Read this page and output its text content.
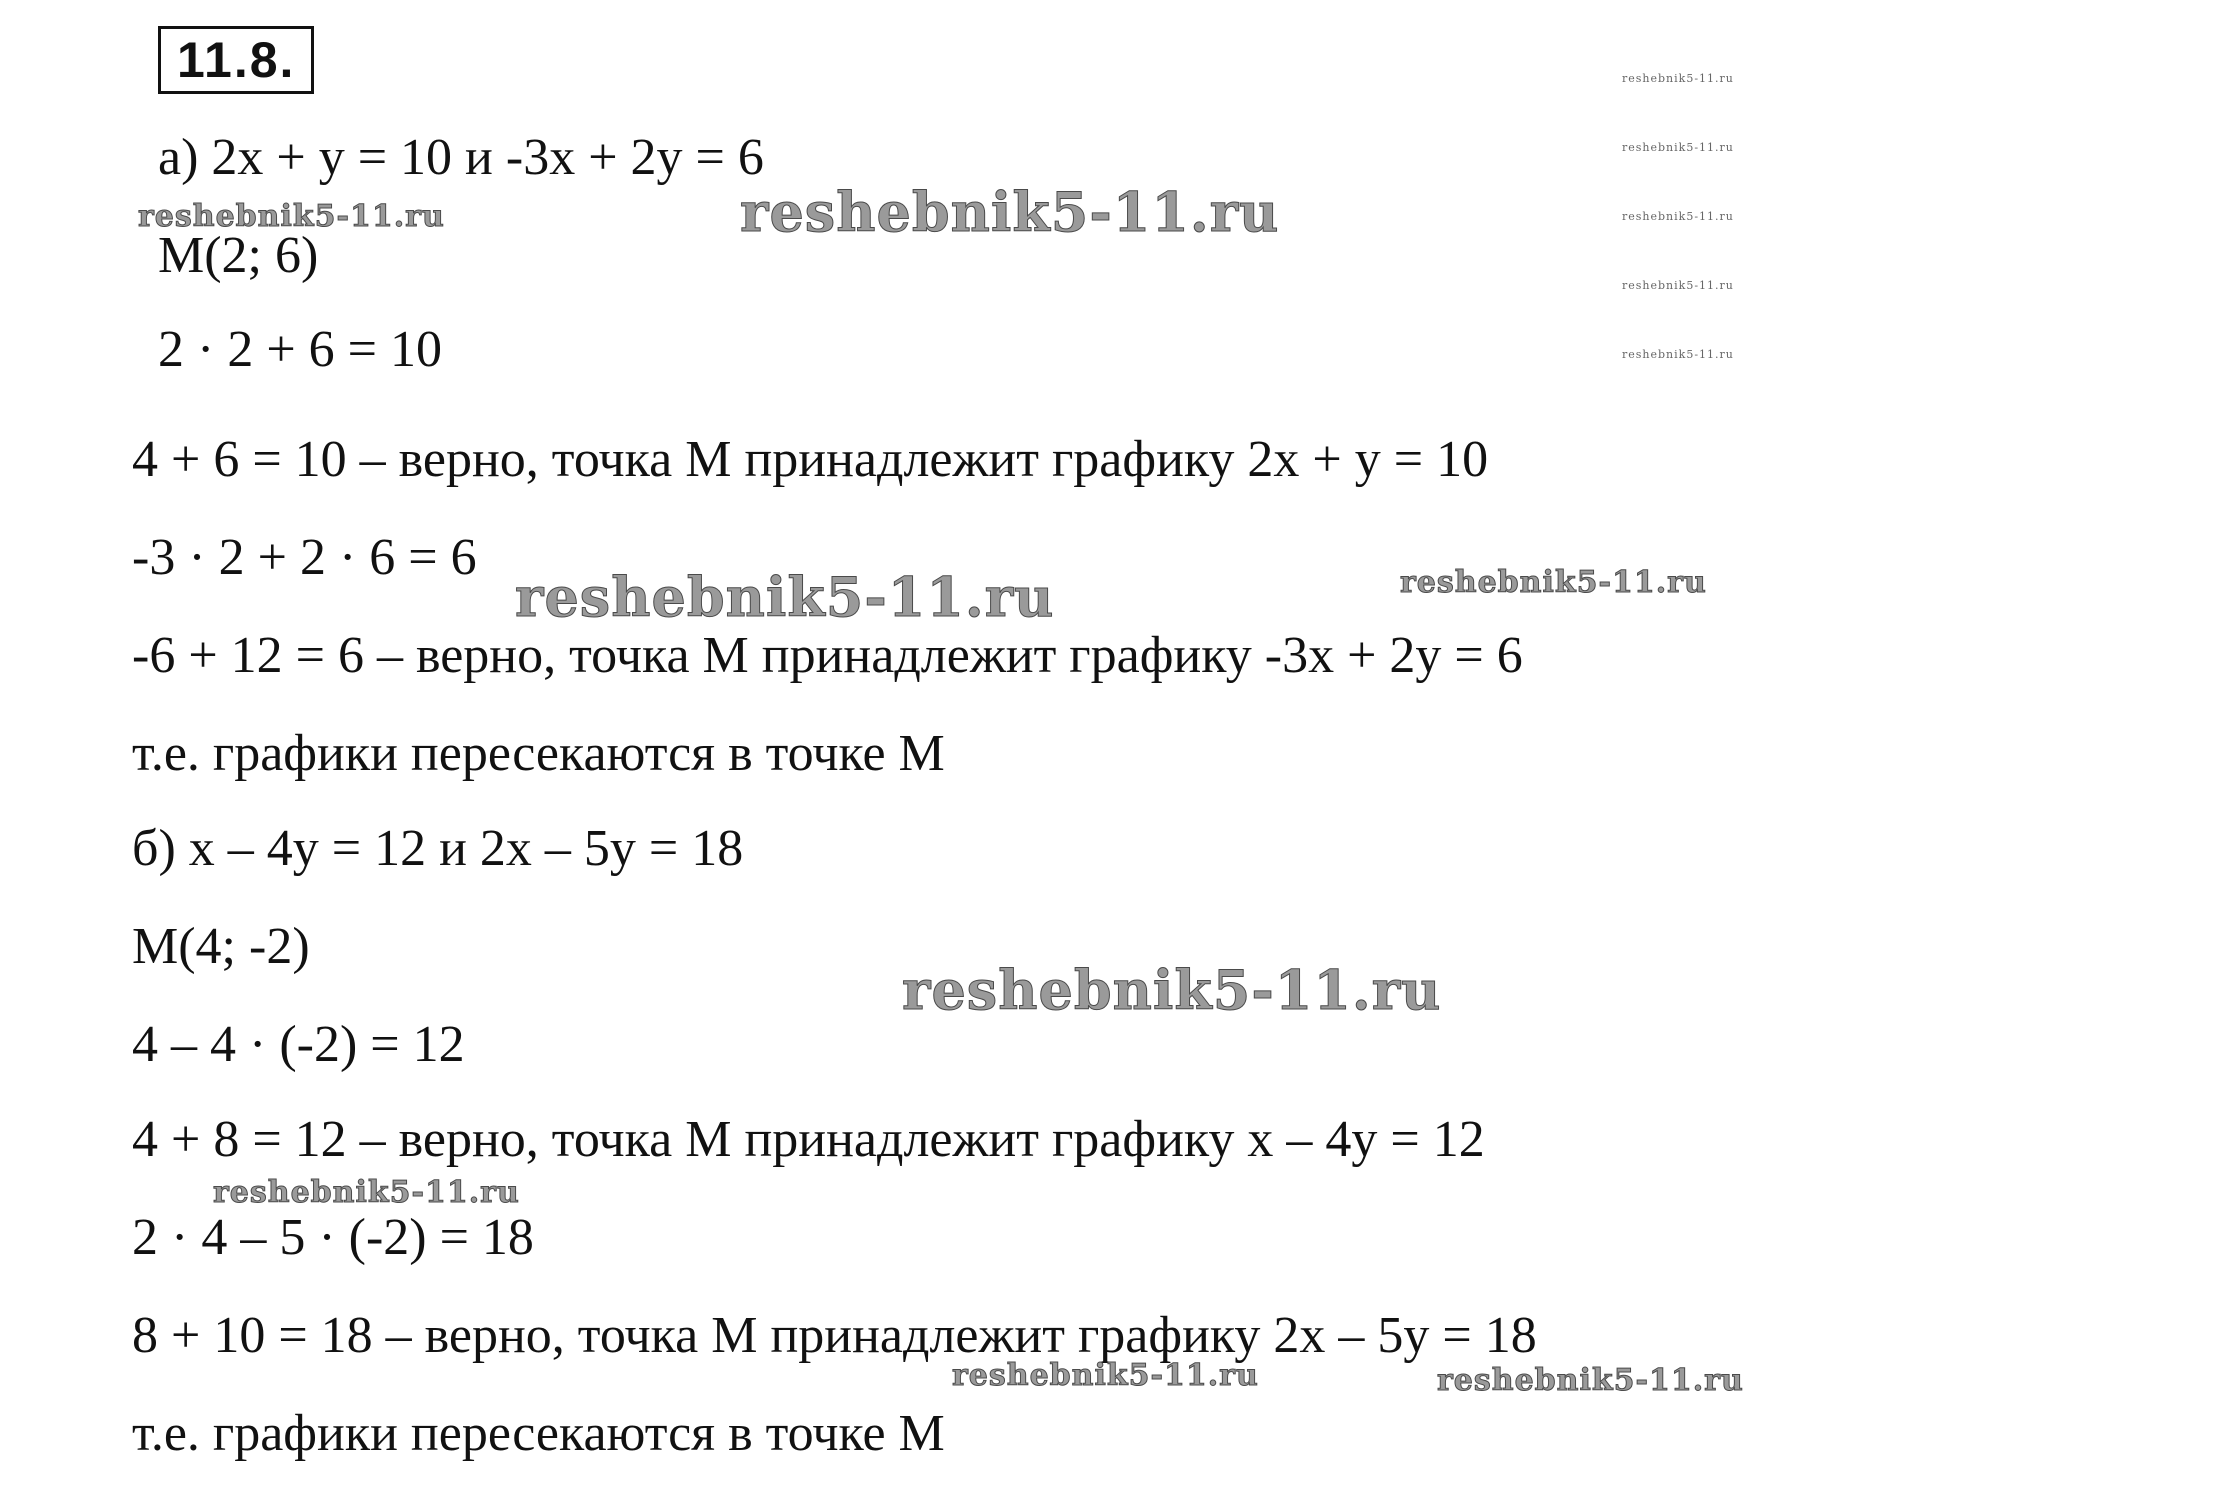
11.8.
а) 2x + y = 10 и -3x + 2y = 6
М(2; 6)
2 · 2 + 6 = 10
4 + 6 = 10 – верно, точка М принадлежит графику 2x + y = 10
-3 · 2 + 2 · 6 = 6
-6 + 12 = 6 – верно, точка М принадлежит графику -3x + 2y = 6
т.е. графики пересекаются в точке М
б) x – 4y = 12 и 2x – 5y = 18
М(4; -2)
4 – 4 · (-2) = 12
4 + 8 = 12 – верно, точка М принадлежит графику x – 4y = 12
2 · 4 – 5 · (-2) = 18
8 + 10 = 18 – верно, точка М принадлежит графику 2x – 5y = 18
т.е. графики пересекаются в точке М
reshebnik5-11.ru
reshebnik5-11.ru
reshebnik5-11.ru
reshebnik5-11.ru
reshebnik5-11.ru
reshebnik5-11.ru
reshebnik5-11.ru	reshebnik5-11.ru
reshebnik5-11.ru
reshebnik5-11.ru
reshebnik5-11.ru
reshebnik5-11.ru
reshebnik5-11.ru
